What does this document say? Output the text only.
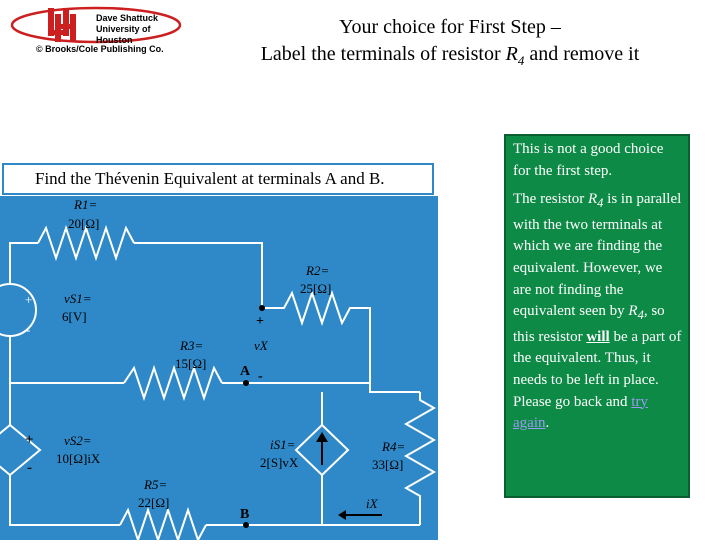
Dave Shattuck
University of Houston
© Brooks/Cole Publishing Co.
Your choice for First Step –
Label the terminals of resistor $R_4$ and remove it
R1=
20[Ω]
R2=
25[Ω]
R3=
15[Ω]
R4=
33[Ω]
R5=
22[Ω]
vS1=
6[V]
vS2=
10[Ω]iX
iS1=
2[S]vX
vX
iX
A
B
+
-
+
-
+
-
Find the Thévenin Equivalent at terminals A and B.

This is not a good choice for the first step.

The resistor $R_4$ is in parallel with the two terminals at which we are finding the equivalent. However, we are not finding the equivalent seen by $R_4$, so this resistor will be a part of the equivalent. Thus, it needs to be left in place. Please go back and try again.
